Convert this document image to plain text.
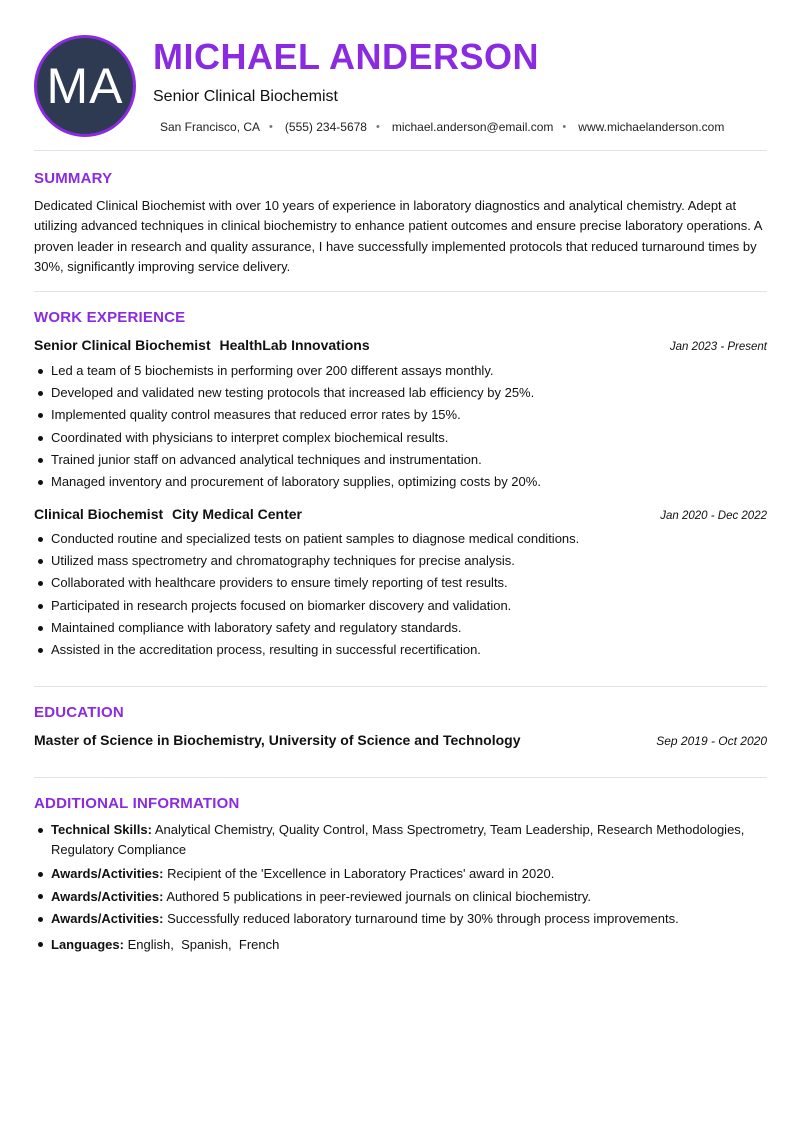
MA
MICHAEL ANDERSON
Senior Clinical Biochemist
San Francisco, CA • (555) 234-5678 • michael.anderson@email.com • www.michaelanderson.com
SUMMARY

Dedicated Clinical Biochemist with over 10 years of experience in laboratory diagnostics and analytical chemistry. Adept at utilizing advanced techniques in clinical biochemistry to enhance patient outcomes and ensure precise laboratory operations. A proven leader in research and quality assurance, I have successfully implemented protocols that reduced turnaround times by 30%, significantly improving service delivery.

WORK EXPERIENCE
Senior Clinical Biochemist HealthLab Innovations	Jan 2023 - Present
Led a team of 5 biochemists in performing over 200 different assays monthly.
Developed and validated new testing protocols that increased lab efficiency by 25%.
Implemented quality control measures that reduced error rates by 15%.
Coordinated with physicians to interpret complex biochemical results.
Trained junior staff on advanced analytical techniques and instrumentation.
Managed inventory and procurement of laboratory supplies, optimizing costs by 20%.
Clinical Biochemist City Medical Center	Jan 2020 - Dec 2022
Conducted routine and specialized tests on patient samples to diagnose medical conditions.
Utilized mass spectrometry and chromatography techniques for precise analysis.
Collaborated with healthcare providers to ensure timely reporting of test results.
Participated in research projects focused on biomarker discovery and validation.
Maintained compliance with laboratory safety and regulatory standards.
Assisted in the accreditation process, resulting in successful recertification.
EDUCATION
Master of Science in Biochemistry, University of Science and Technology	Sep 2019 - Oct 2020
ADDITIONAL INFORMATION
Technical Skills: Analytical Chemistry, Quality Control, Mass Spectrometry, Team Leadership, Research Methodologies, Regulatory Compliance
Awards/Activities: Recipient of the 'Excellence in Laboratory Practices' award in 2020.
Awards/Activities: Authored 5 publications in peer-reviewed journals on clinical biochemistry.
Awards/Activities: Successfully reduced laboratory turnaround time by 30% through process improvements.
Languages: English,  Spanish,  French
